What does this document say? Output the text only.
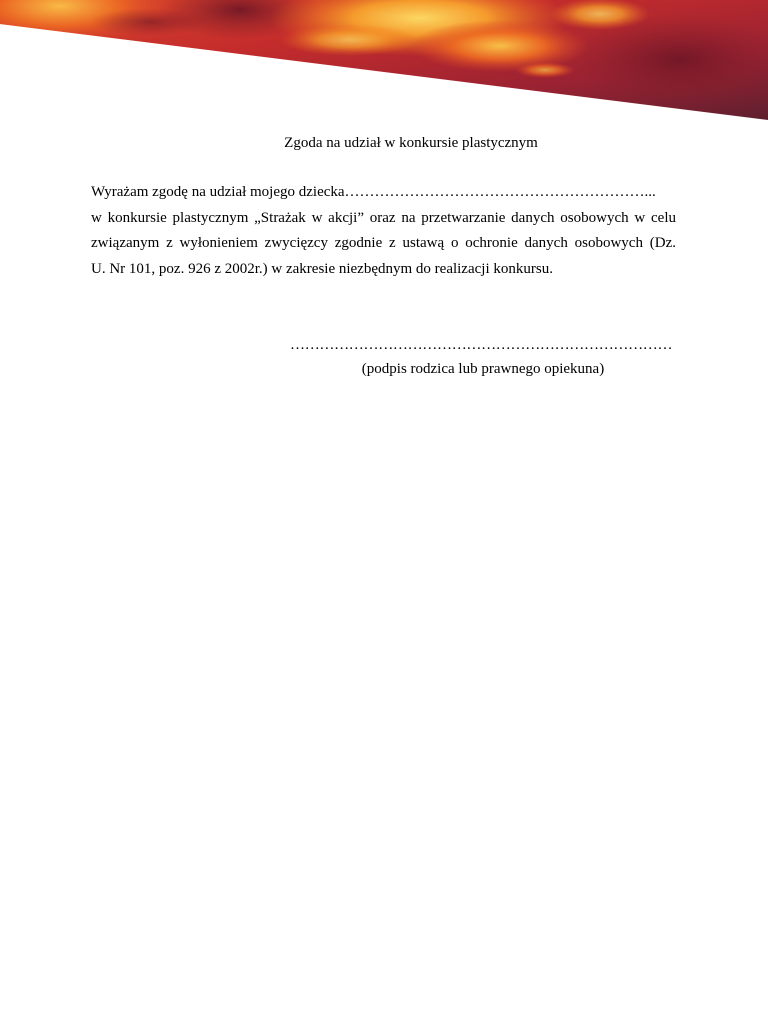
Zgoda na udział w konkursie plastycznym
Wyrażam zgodę na udział mojego dziecka……………………………………………………...
w konkursie plastycznym „Strażak w akcji” oraz na przetwarzanie danych osobowych w celu
związanym z wyłonieniem zwycięzcy zgodnie z ustawą o ochronie danych osobowych (Dz.
U. Nr 101, poz. 926 z 2002r.) w zakresie niezbędnym do realizacji konkursu.
……………………………………………………………………
(podpis rodzica lub prawnego opiekuna)
